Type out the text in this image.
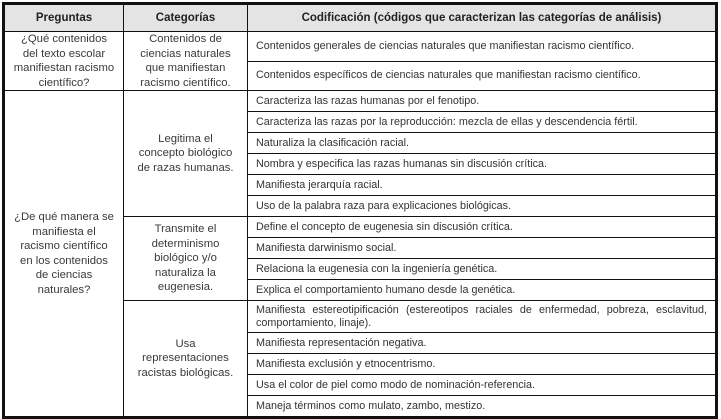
Preguntas	Categorías	Codificación (códigos que caracterizan las categorías de análisis)
¿Qué contenidos del texto escolar manifiestan racismo científico?	Contenidos de ciencias naturales que manifiestan racismo científico.	Contenidos generales de ciencias naturales que manifiestan racismo científico.
		Contenidos específicos de ciencias naturales que manifiestan racismo científico.
¿De qué manera se manifiesta el racismo científico en los contenidos de ciencias naturales?	Legitima el concepto biológico de razas humanas.	Caracteriza las razas humanas por el fenotipo.
		Caracteriza las razas por la reproducción: mezcla de ellas y descendencia fértil.
		Naturaliza la clasificación racial.
		Nombra y especifica las razas humanas sin discusión crítica.
		Manifiesta jerarquía racial.
		Uso de la palabra raza para explicaciones biológicas.
	Transmite el determinismo biológico y/o naturaliza la eugenesia.	Define el concepto de eugenesia sin discusión crítica.
		Manifiesta darwinismo social.
		Relaciona la eugenesia con la ingeniería genética.
		Explica el comportamiento humano desde la genética.
	Usa representaciones racistas biológicas.	Manifiesta estereotipificación (estereotipos raciales de enfermedad, pobreza, esclavitud, comportamiento, linaje).
		Manifiesta representación negativa.
		Manifiesta exclusión y etnocentrismo.
		Usa el color de piel como modo de nominación-referencia.
		Maneja términos como mulato, zambo, mestizo.
